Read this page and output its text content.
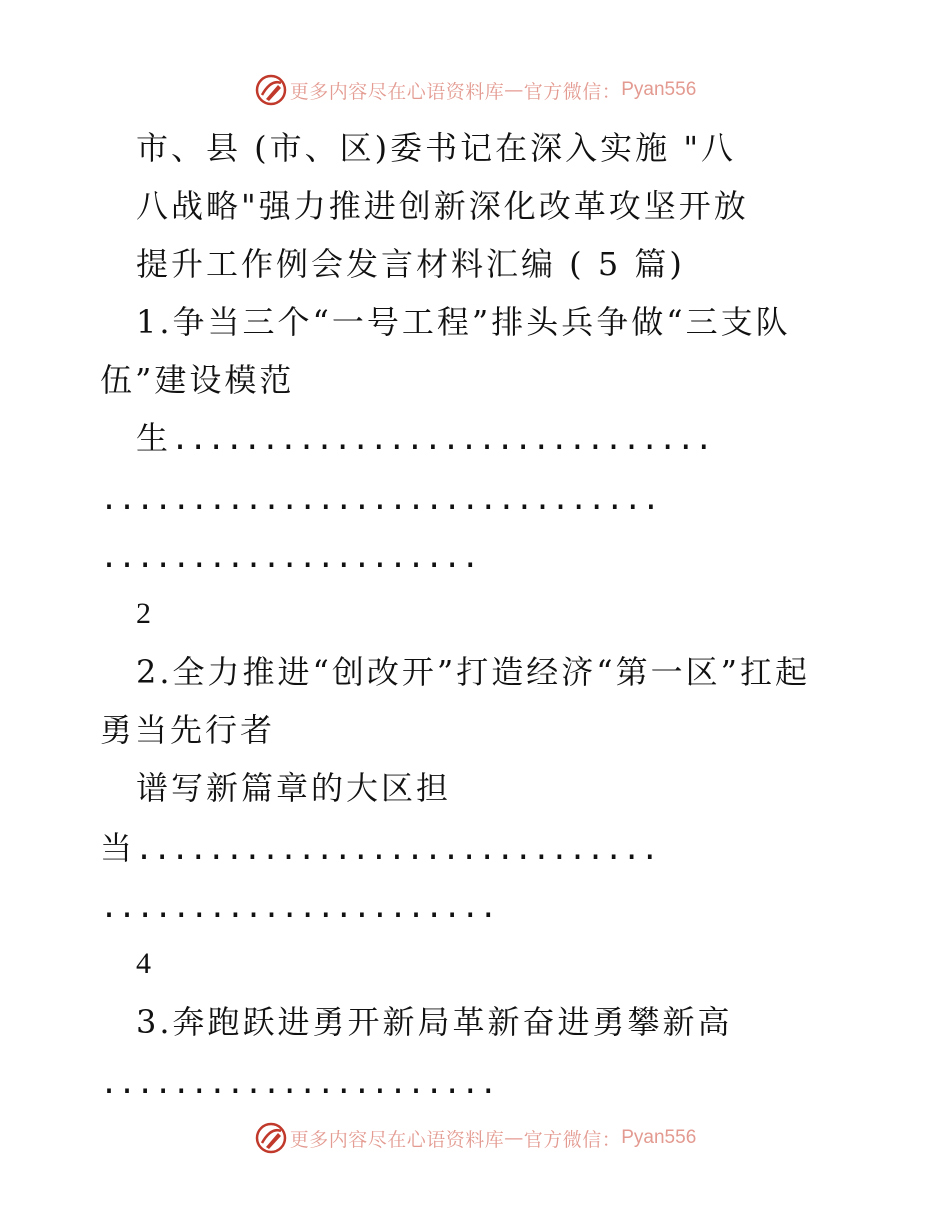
更多内容尽在心语资料库 — 官方微信： Pyan556

市、县 (市、区)委书记在深入实施 "八

八战略"强力推进创新深化改革攻坚开放

提升工作例会发言材料汇编 ( 5 篇)

1.争当三个“一号工程”排头兵争做“三支队

伍”建设模范

生..............................

...............................

.....................

2

2.全力推进“创改开”打造经济“第一区”扛起

勇当先行者

谱写新篇章的大区担

当.............................

......................

4

3.奔跑跃进勇开新局革新奋进勇攀新高

......................

更多内容尽在心语资料库 — 官方微信： Pyan556
